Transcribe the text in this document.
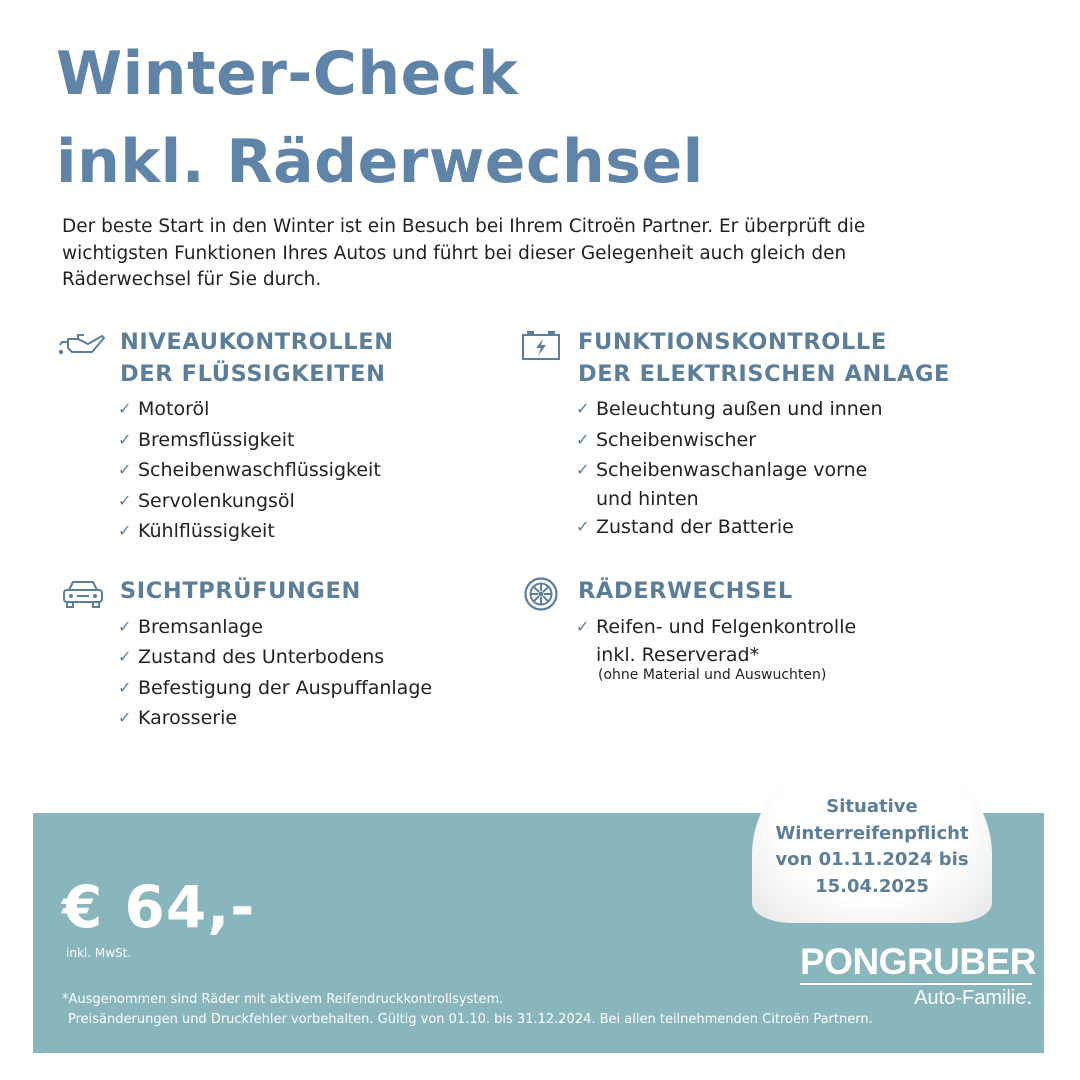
Winter-Check
inkl. Räderwechsel

Der beste Start in den Winter ist ein Besuch bei Ihrem Citroën Partner. Er überprüft die wichtigsten Funktionen Ihres Autos und führt bei dieser Gelegenheit auch gleich den Räderwechsel für Sie durch.

NIVEAUKONTROLLEN
DER FLÜSSIGKEITEN
✓ Motoröl
✓ Bremsflüssigkeit
✓ Scheibenwaschflüssigkeit
✓ Servolenkungsöl
✓ Kühlflüssigkeit
FUNKTIONSKONTROLLE
DER ELEKTRISCHEN ANLAGE
✓ Beleuchtung außen und innen
✓ Scheibenwischer
✓ Scheibenwaschanlage vorne
und hinten
✓ Zustand der Batterie
SICHTPRÜFUNGEN
✓ Bremsanlage
✓ Zustand des Unterbodens
✓ Befestigung der Auspuffanlage
✓ Karosserie
RÄDERWECHSEL
✓ Reifen- und Felgenkontrolle
inkl. Reserverad*
(ohne Material und Auswuchten)
Situative
Winterreifenpflicht
von 01.11.2024 bis
15.04.2025

€ 64,-

inkl. MwSt.
*Ausgenommen sind Räder mit aktivem Reifendruckkontrollsystem.
Preisänderungen und Druckfehler vorbehalten. Gültig von 01.10. bis 31.12.2024. Bei allen teilnehmenden Citroën Partnern.
PONGRUBER
Auto-Familie.
